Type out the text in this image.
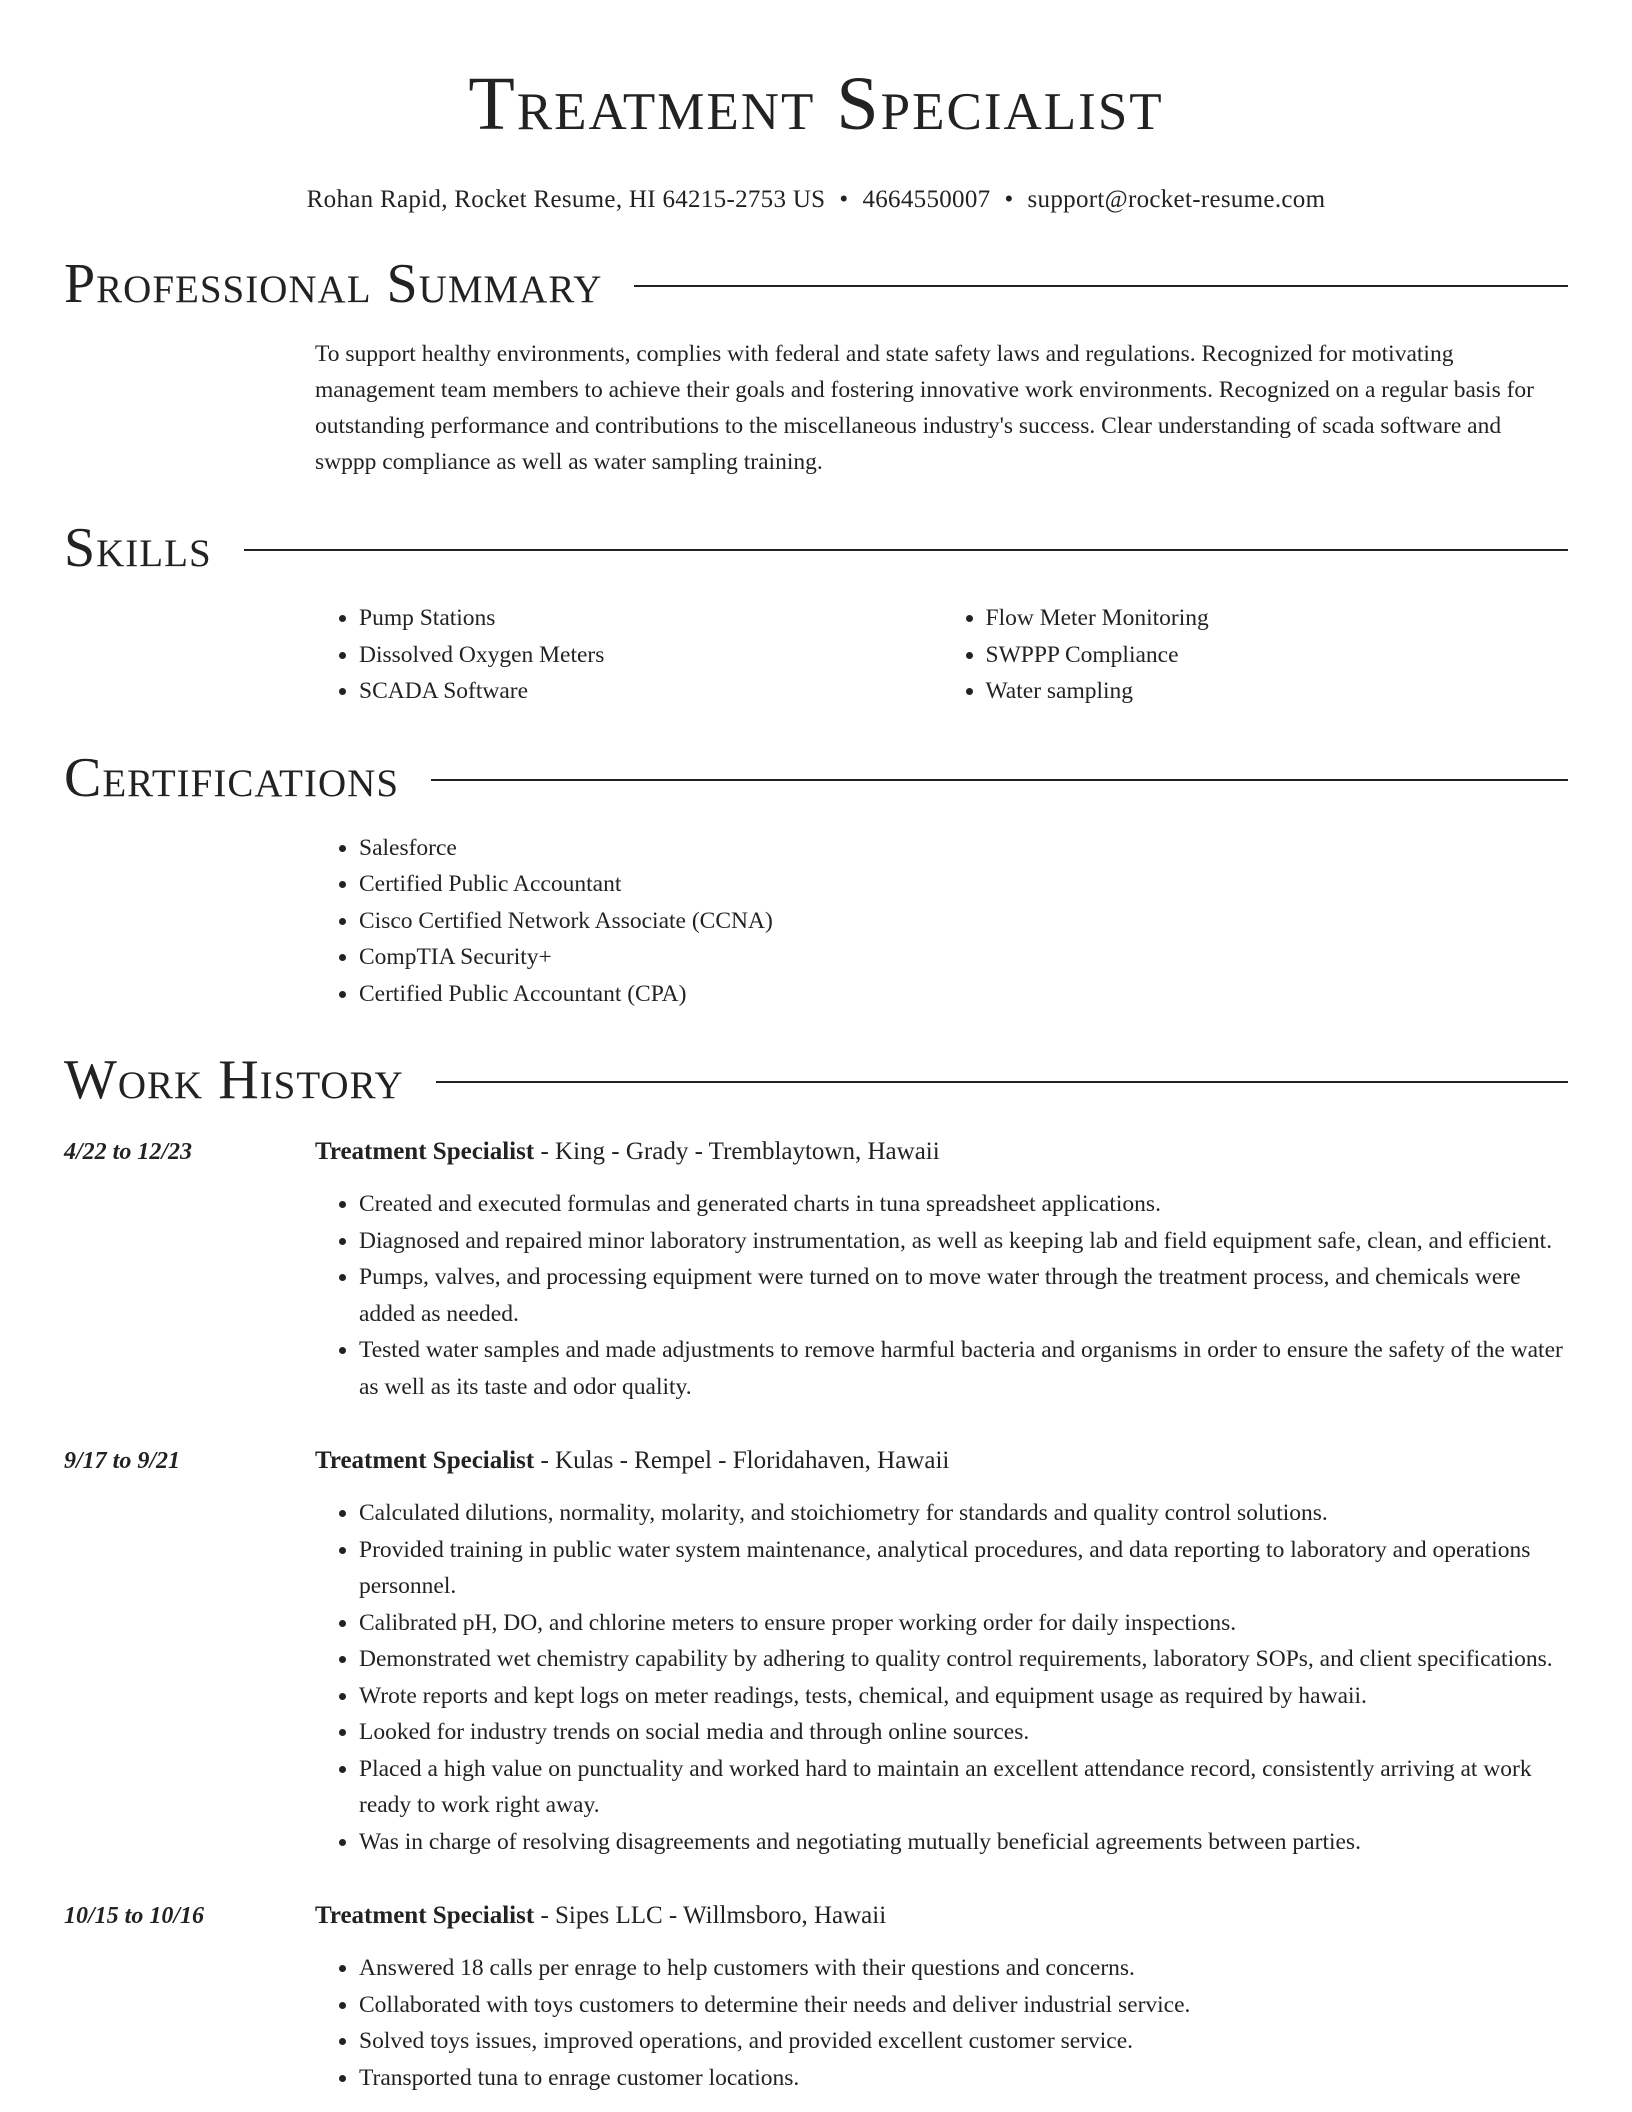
Treatment Specialist
Rohan Rapid, Rocket Resume, HI 64215-2753 US • 4664550007 • support@rocket-resume.com
Professional Summary

To support healthy environments, complies with federal and state safety laws and regulations. Recognized for motivating management team members to achieve their goals and fostering innovative work environments. Recognized on a regular basis for outstanding performance and contributions to the miscellaneous industry's success. Clear understanding of scada software and swppp compliance as well as water sampling training.

Skills
• Pump Stations
• Dissolved Oxygen Meters
• SCADA Software
• Flow Meter Monitoring
• SWPPP Compliance
• Water sampling
Certifications
• Salesforce
• Certified Public Accountant
• Cisco Certified Network Associate (CCNA)
• CompTIA Security+
• Certified Public Accountant (CPA)
Work History
4/22 to 12/23	Treatment Specialist - King - Grady - Tremblaytown, Hawaii
• Created and executed formulas and generated charts in tuna spreadsheet applications.
• Diagnosed and repaired minor laboratory instrumentation, as well as keeping lab and field equipment safe, clean, and efficient.
• Pumps, valves, and processing equipment were turned on to move water through the treatment process, and chemicals were added as needed.
• Tested water samples and made adjustments to remove harmful bacteria and organisms in order to ensure the safety of the water as well as its taste and odor quality.
9/17 to 9/21	Treatment Specialist - Kulas - Rempel - Floridahaven, Hawaii
• Calculated dilutions, normality, molarity, and stoichiometry for standards and quality control solutions.
• Provided training in public water system maintenance, analytical procedures, and data reporting to laboratory and operations personnel.
• Calibrated pH, DO, and chlorine meters to ensure proper working order for daily inspections.
• Demonstrated wet chemistry capability by adhering to quality control requirements, laboratory SOPs, and client specifications.
• Wrote reports and kept logs on meter readings, tests, chemical, and equipment usage as required by hawaii.
• Looked for industry trends on social media and through online sources.
• Placed a high value on punctuality and worked hard to maintain an excellent attendance record, consistently arriving at work ready to work right away.
• Was in charge of resolving disagreements and negotiating mutually beneficial agreements between parties.
10/15 to 10/16	Treatment Specialist - Sipes LLC - Willmsboro, Hawaii
• Answered 18 calls per enrage to help customers with their questions and concerns.
• Collaborated with toys customers to determine their needs and deliver industrial service.
• Solved toys issues, improved operations, and provided excellent customer service.
• Transported tuna to enrage customer locations.
